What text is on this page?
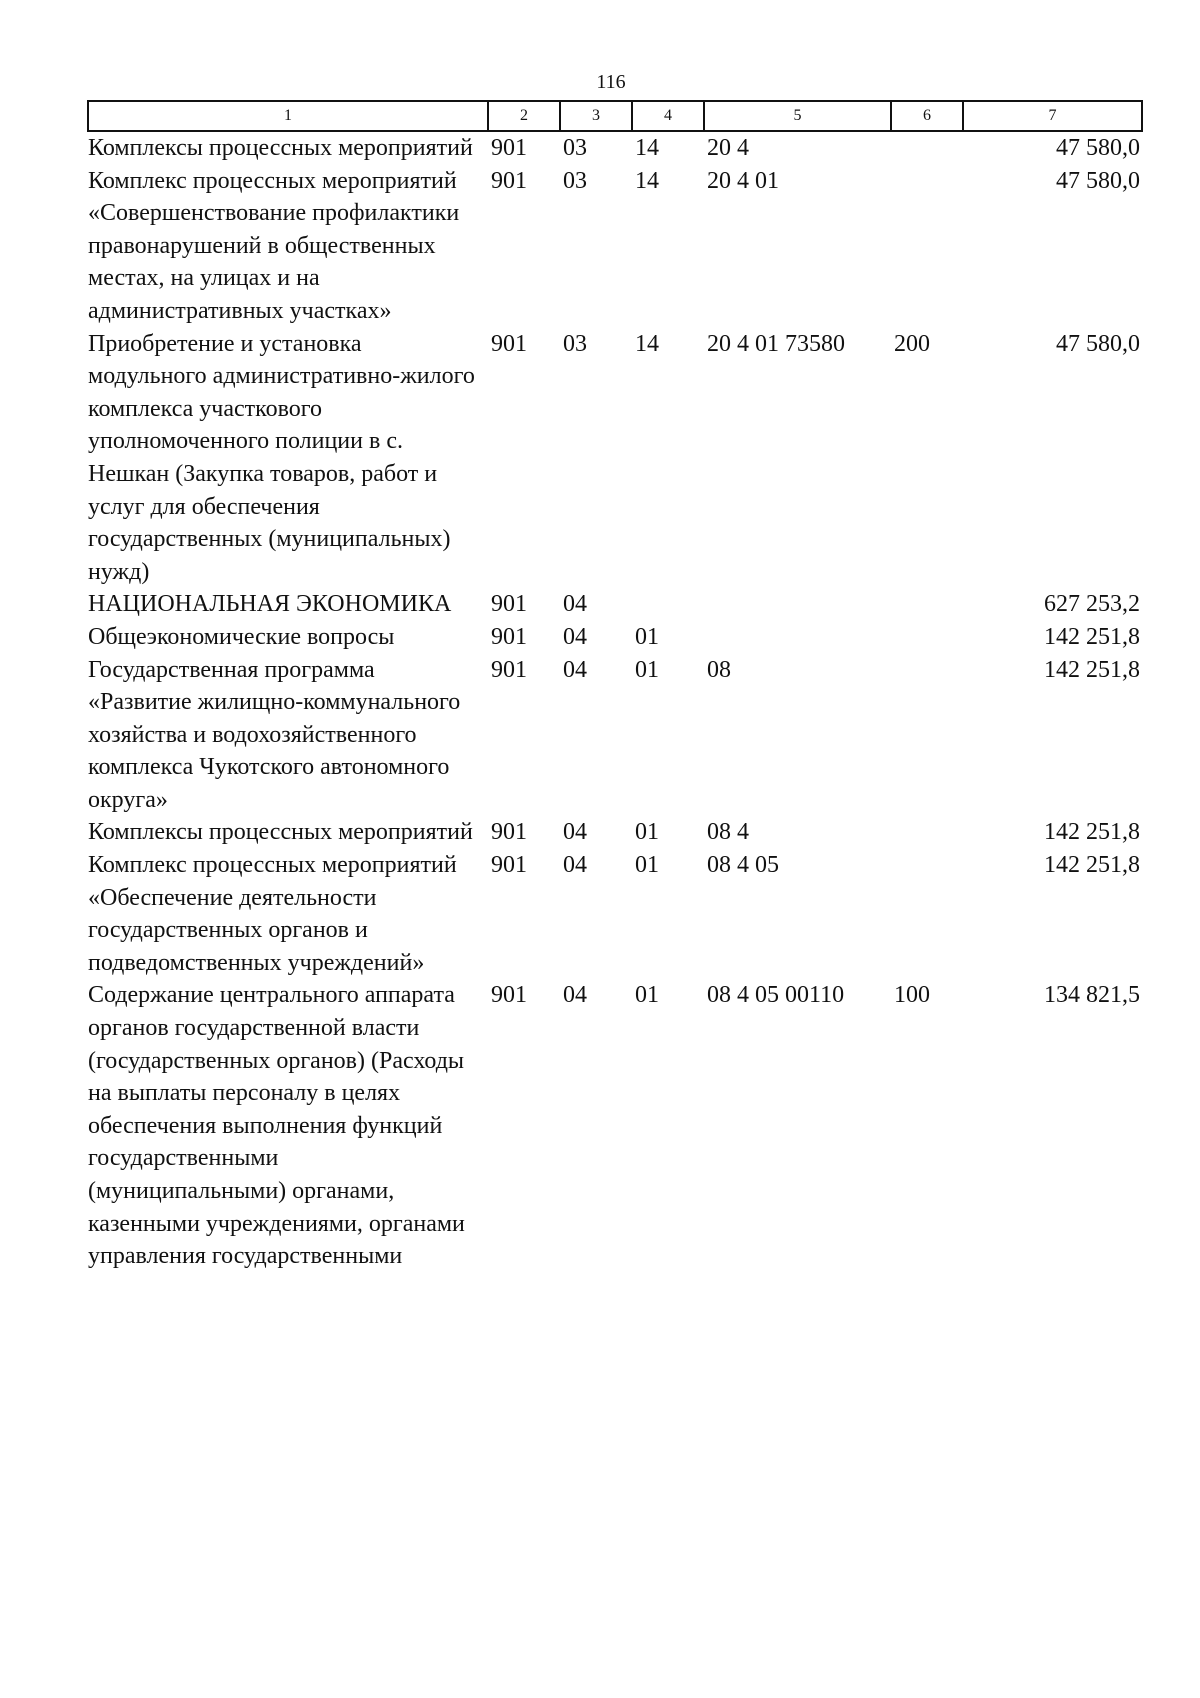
116
1	2	3	4	5	6	7
Комплексы процессных мероприятий	901	03	14	20 4		47 580,0
Комплекс процессных мероприятий «Совершенствование профилактики правонарушений в общественных местах, на улицах и на административных участках»	901	03	14	20 4 01		47 580,0
Приобретение и установка модульного административно-жилого комплекса участкового уполномоченного полиции в с. Нешкан (Закупка товаров, работ и услуг для обеспечения государственных (муниципальных) нужд)	901	03	14	20 4 01 73580	200	47 580,0
НАЦИОНАЛЬНАЯ ЭКОНОМИКА	901	04				627 253,2
Общеэкономические вопросы	901	04	01			142 251,8
Государственная программа «Развитие жилищно-коммунального хозяйства и водохозяйственного комплекса Чукотского автономного округа»	901	04	01	08		142 251,8
Комплексы процессных мероприятий	901	04	01	08 4		142 251,8
Комплекс процессных мероприятий «Обеспечение деятельности государственных органов и подведомственных учреждений»	901	04	01	08 4 05		142 251,8
Содержание центрального аппарата органов государственной власти (государственных органов) (Расходы на выплаты персоналу в целях обеспечения выполнения функций государственными (муниципальными) органами, казенными учреждениями, органами управления государственными	901	04	01	08 4 05 00110	100	134 821,5
